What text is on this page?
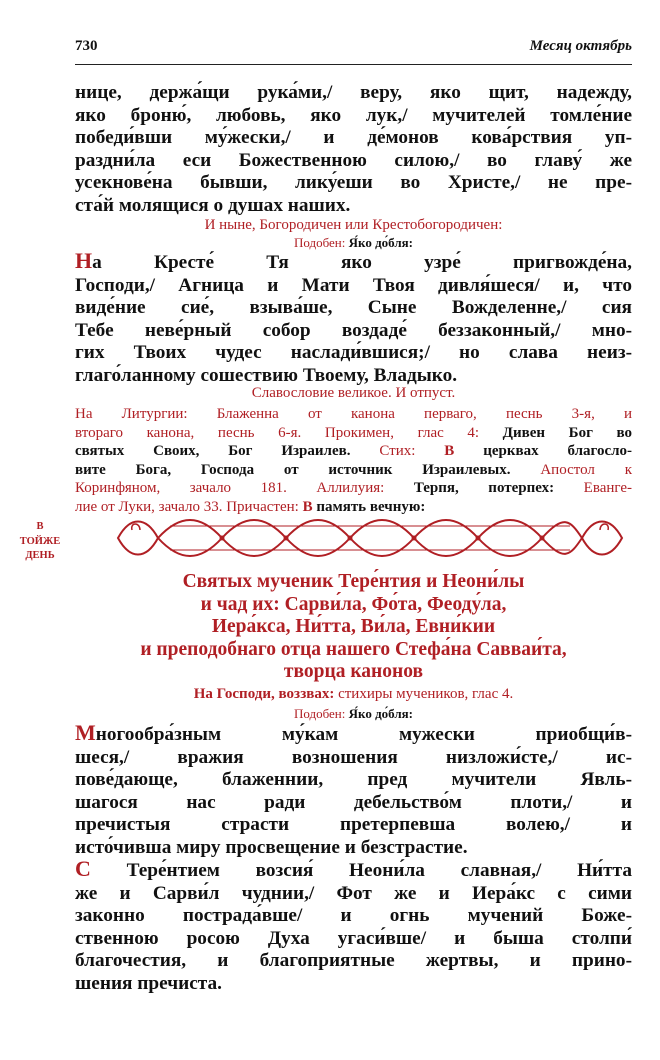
730	Месяц октябрь
нице, держа́щи рука́ми,/ веру, яко щит, надежду,
яко броню́, любовь, яко лук,/ мучителей томле́ние
победи́вши му́жески,/ и де́монов кова́рствия уп-
раздни́ла еси Божественною силою,/ во главу́ же
усекнове́на бывши, лику́еши во Христе,/ не пре-
ста́й молящися о душах наших.
И ныне, Богородичен или Крестобогородичен:
Подобен: Я́ко до́бля:
На Кресте́ Тя яко узре́ пригвожде́на,
Господи,/ Агница и Мати Твоя дивля́шеся/ и, что
виде́ние сие́, взыва́ше, Сыне Вожделенне,/ сия
Тебе неве́рный собор воздаде́ беззаконный,/ мно-
гих Твоих чудес наслади́вшися;/ но слава неиз-
глаго́ланному сошествию Твоему, Владыко.
Славословие великое. И отпуст.
На Литургии: Блаженна от канона перваго, песнь 3-я, и
втораго канона, песнь 6-я. Прокимен, глас 4: Дивен Бог во
святых Своих, Бог Израилев. Стих: В церквах благосло-
вите Бога, Господа от источник Израилевых. Апостол к
Коринфяном, зачало 181. Аллилуия: Терпя, потерпех: Еванге-
лие от Луки, зачало 33. Причастен: В память вечную:
В
ТОЙЖЕ
ДЕНЬ
Святых мученик Тере́нтия и Неони́лы
и чад их: Сарви́ла, Фо́та, Феоду́ла,
Иера́кса, Ни́тта, Ви́ла, Евни́кии
и преподобнаго отца нашего Стефа́на Савваи́та,
творца канонов
На Господи, воззвах: стихиры мучеников, глас 4.
Подобен: Я́ко до́бля:
Многообра́зным му́кам мужески приобщи́в-
шеся,/ вражия возношения низложи́сте,/ ис-
пове́дающе, блаженнии, пред мучители Явль-
шагося нас ради дебельство́м плоти,/ и
пречистыя страсти претерпевша волею,/ и
исто́чивша миру просвещение и безстрастие.
С Тере́нтием возсия́ Неони́ла славная,/ Ни́тта
же и Сарви́л чуднии,/ Фот же и Иера́кс с сими
законно пострада́вше/ и огнь мучений Боже-
ственною росою Духа угаси́вше/ и быша столпи́
благочестия, и благоприятные жертвы, и прино-
шения пречиста.
